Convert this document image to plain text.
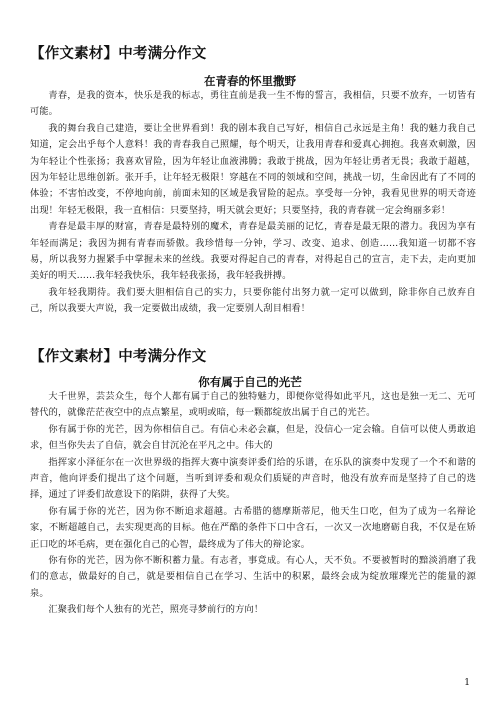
【作文素材】中考满分作文
在青春的怀里撒野

青春，是我的资本，快乐是我的标志，勇往直前是我一生不悔的誓言，我相信，只要不放弃，一切皆有可能。

我的舞台我自己建造，要让全世界看到！我的剧本我自己写好，相信自己永远是主角！我的魅力我自己知道，定会出乎每个人意料！我的青春我自己照耀，每个明天，让我用青春和爱真心拥抱。我喜欢刺激，因为年轻让个性张扬；我喜欢冒险，因为年轻让血液沸腾；我敢于挑战，因为年轻让勇者无畏；我敢于超越，因为年轻让思维创新。张开手，让年轻无极限！穿越在不同的领域和空间，挑战一切，生命因此有了不同的体验；不害怕改变，不停地向前，前面未知的区域是我冒险的起点。享受每一分钟，我看见世界的明天奇迹出现！年轻无极限，我一直相信：只要坚持，明天就会更好；只要坚持，我的青春就一定会绚丽多彩！

青春是最丰厚的财富，青春是最特别的魔术，青春是最美丽的记忆，青春是最无限的潜力。我因为享有年轻而满足；我因为拥有青春而骄傲。我珍惜每一分钟，学习、改变、追求、创造……我知道一切都不容易，所以我努力握紧手中掌握未来的丝线。我要对得起自己的青春，对得起自己的宣言，走下去，走向更加美好的明天……我年轻我快乐，我年轻我张扬，我年轻我拼搏。

我年轻我期待。我们要大胆相信自己的实力，只要你能付出努力就一定可以做到，除非你自己放弃自己，所以我要大声说，我一定要做出成绩，我一定要别人刮目相看！

【作文素材】中考满分作文
你有属于自己的光芒

大千世界，芸芸众生，每个人都有属于自己的独特魅力，即便你觉得如此平凡，这也是独一无二、无可替代的，就像茫茫夜空中的点点繁星，或明或暗，每一颗都绽放出属于自己的光芒。

你有属于你的光芒，因为你相信自己。有信心未必会赢，但是，没信心一定会输。自信可以使人勇敢追求，但当你失去了自信，就会自甘沉沦在平凡之中。伟大的

指挥家小泽征尔在一次世界级的指挥大赛中演奏评委们给的乐谱，在乐队的演奏中发现了一个不和谐的声音，他向评委们提出了这个问题，当听到评委和观众们质疑的声音时，他没有放弃而是坚持了自己的选择，通过了评委们故意设下的陷阱，获得了大奖。

你有属于你的光芒，因为你不断追求超越。古希腊的德摩斯蒂尼，他天生口吃，但为了成为一名辩论家，不断超越自己，去实现更高的目标。他在严酷的条件下口中含石，一次又一次地磨砺自我，不仅是在矫正口吃的坏毛病，更在强化自己的心智，最终成为了伟大的辩论家。

你有你的光芒，因为你不断积蓄力量。有志者，事竟成。有心人，天不负。不要被暂时的黯淡消磨了我们的意志，做最好的自己，就是要相信自己在学习、生活中的积累，最终会成为绽放璀璨光芒的能量的源泉。

汇聚我们每个人独有的光芒，照亮寻梦前行的方向！

1
